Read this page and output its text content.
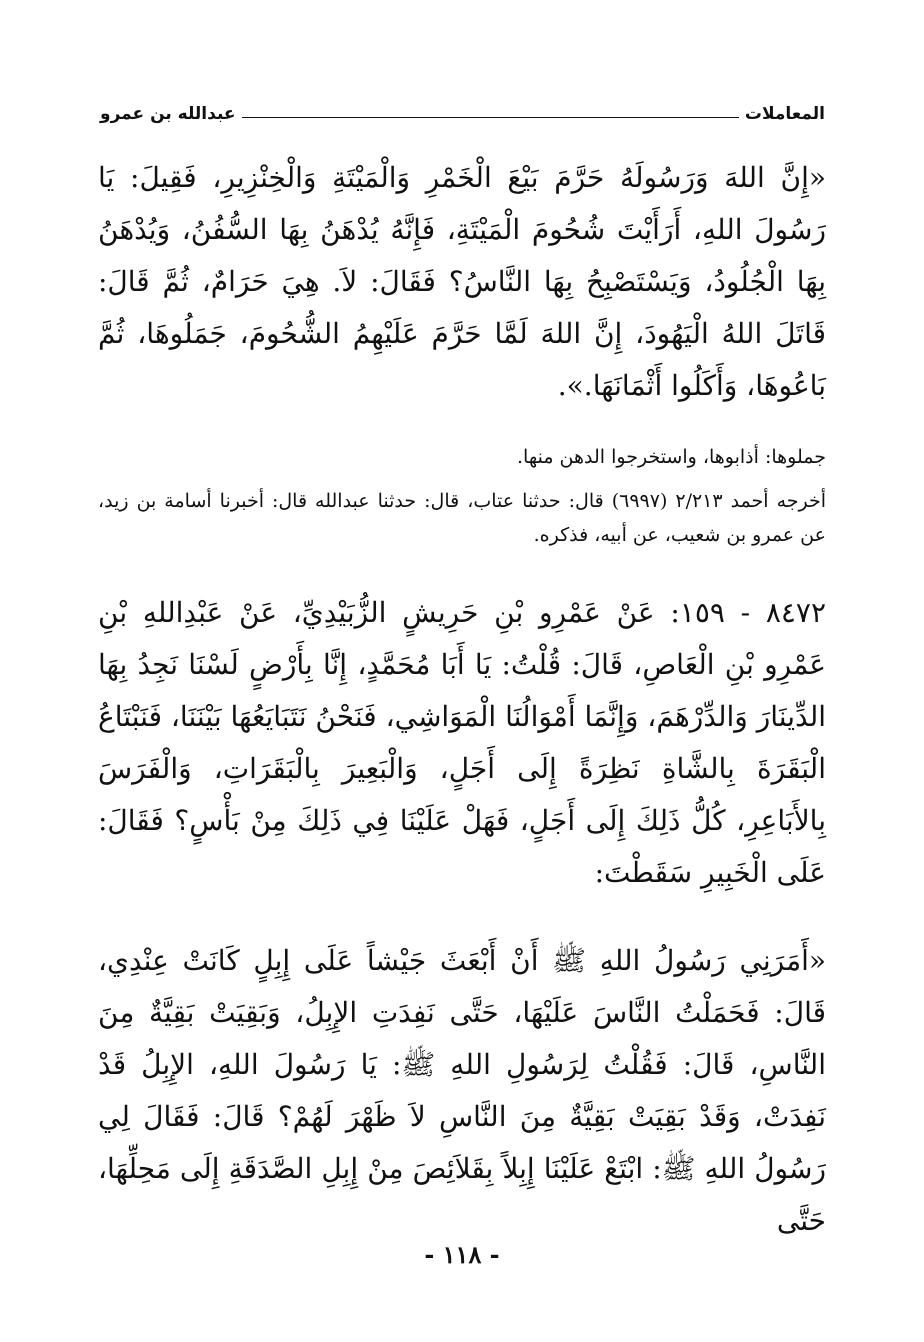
المعاملات
عبدالله بن عمرو

«إِنَّ اللهَ وَرَسُولَهُ حَرَّمَ بَيْعَ الْخَمْرِ وَالْمَيْتَةِ وَالْخِنْزِيرِ، فَقِيلَ: يَا رَسُولَ اللهِ، أَرَأَيْتَ شُحُومَ الْمَيْتَةِ، فَإِنَّهُ يُدْهَنُ بِهَا السُّفُنُ، وَيُدْهَنُ بِهَا الْجُلُودُ، وَيَسْتَصْبِحُ بِهَا النَّاسُ؟ فَقَالَ: لاَ. هِيَ حَرَامٌ، ثُمَّ قَالَ: قَاتَلَ اللهُ الْيَهُودَ، إِنَّ اللهَ لَمَّا حَرَّمَ عَلَيْهِمُ الشُّحُومَ، جَمَلُوهَا، ثُمَّ بَاعُوهَا، وَأَكَلُوا أَثْمَانَهَا.».

جملوها: أذابوها، واستخرجوا الدهن منها.

أخرجه أحمد ٢/٢١٣ (٦٩٩٧) قال: حدثنا عتاب، قال: حدثنا عبدالله قال: أخبرنا أسامة بن زيد، عن عمرو بن شعيب، عن أبيه، فذكره.

٨٤٧٢ - ١٥٩: عَنْ عَمْرِو بْنِ حَرِيشٍ الزُّبَيْدِيِّ، عَنْ عَبْدِاللهِ بْنِ عَمْرِو بْنِ الْعَاصِ، قَالَ: قُلْتُ: يَا أَبَا مُحَمَّدٍ، إِنَّا بِأَرْضٍ لَسْنَا نَجِدُ بِهَا الدِّينَارَ وَالدِّرْهَمَ، وَإِنَّمَا أَمْوَالُنَا الْمَوَاشِي، فَنَحْنُ نَتَبَايَعُهَا بَيْنَنَا، فَنَبْتَاعُ الْبَقَرَةَ بِالشَّاةِ نَظِرَةً إِلَى أَجَلٍ، وَالْبَعِيرَ بِالْبَقَرَاتِ، وَالْفَرَسَ بِالأَبَاعِرِ، كُلُّ ذَلِكَ إِلَى أَجَلٍ، فَهَلْ عَلَيْنَا فِي ذَلِكَ مِنْ بَأْسٍ؟ فَقَالَ: عَلَى الْخَبِيرِ سَقَطْتَ:

«أَمَرَنِي رَسُولُ اللهِ ﷺ أَنْ أَبْعَثَ جَيْشاً عَلَى إِبِلٍ كَانَتْ عِنْدِي، قَالَ: فَحَمَلْتُ النَّاسَ عَلَيْهَا، حَتَّى نَفِدَتِ الإِبِلُ، وَبَقِيَتْ بَقِيَّةٌ مِنَ النَّاسِ، قَالَ: فَقُلْتُ لِرَسُولِ اللهِ ﷺ: يَا رَسُولَ اللهِ، الإِبِلُ قَدْ نَفِدَتْ، وَقَدْ بَقِيَتْ بَقِيَّةٌ مِنَ النَّاسِ لاَ ظَهْرَ لَهُمْ؟ قَالَ: فَقَالَ لِي رَسُولُ اللهِ ﷺ: ابْتَعْ عَلَيْنَا إِبِلاً بِقَلاَئِصَ مِنْ إِبِلِ الصَّدَقَةِ إِلَى مَحِلِّهَا، حَتَّى

- ١١٨ -
